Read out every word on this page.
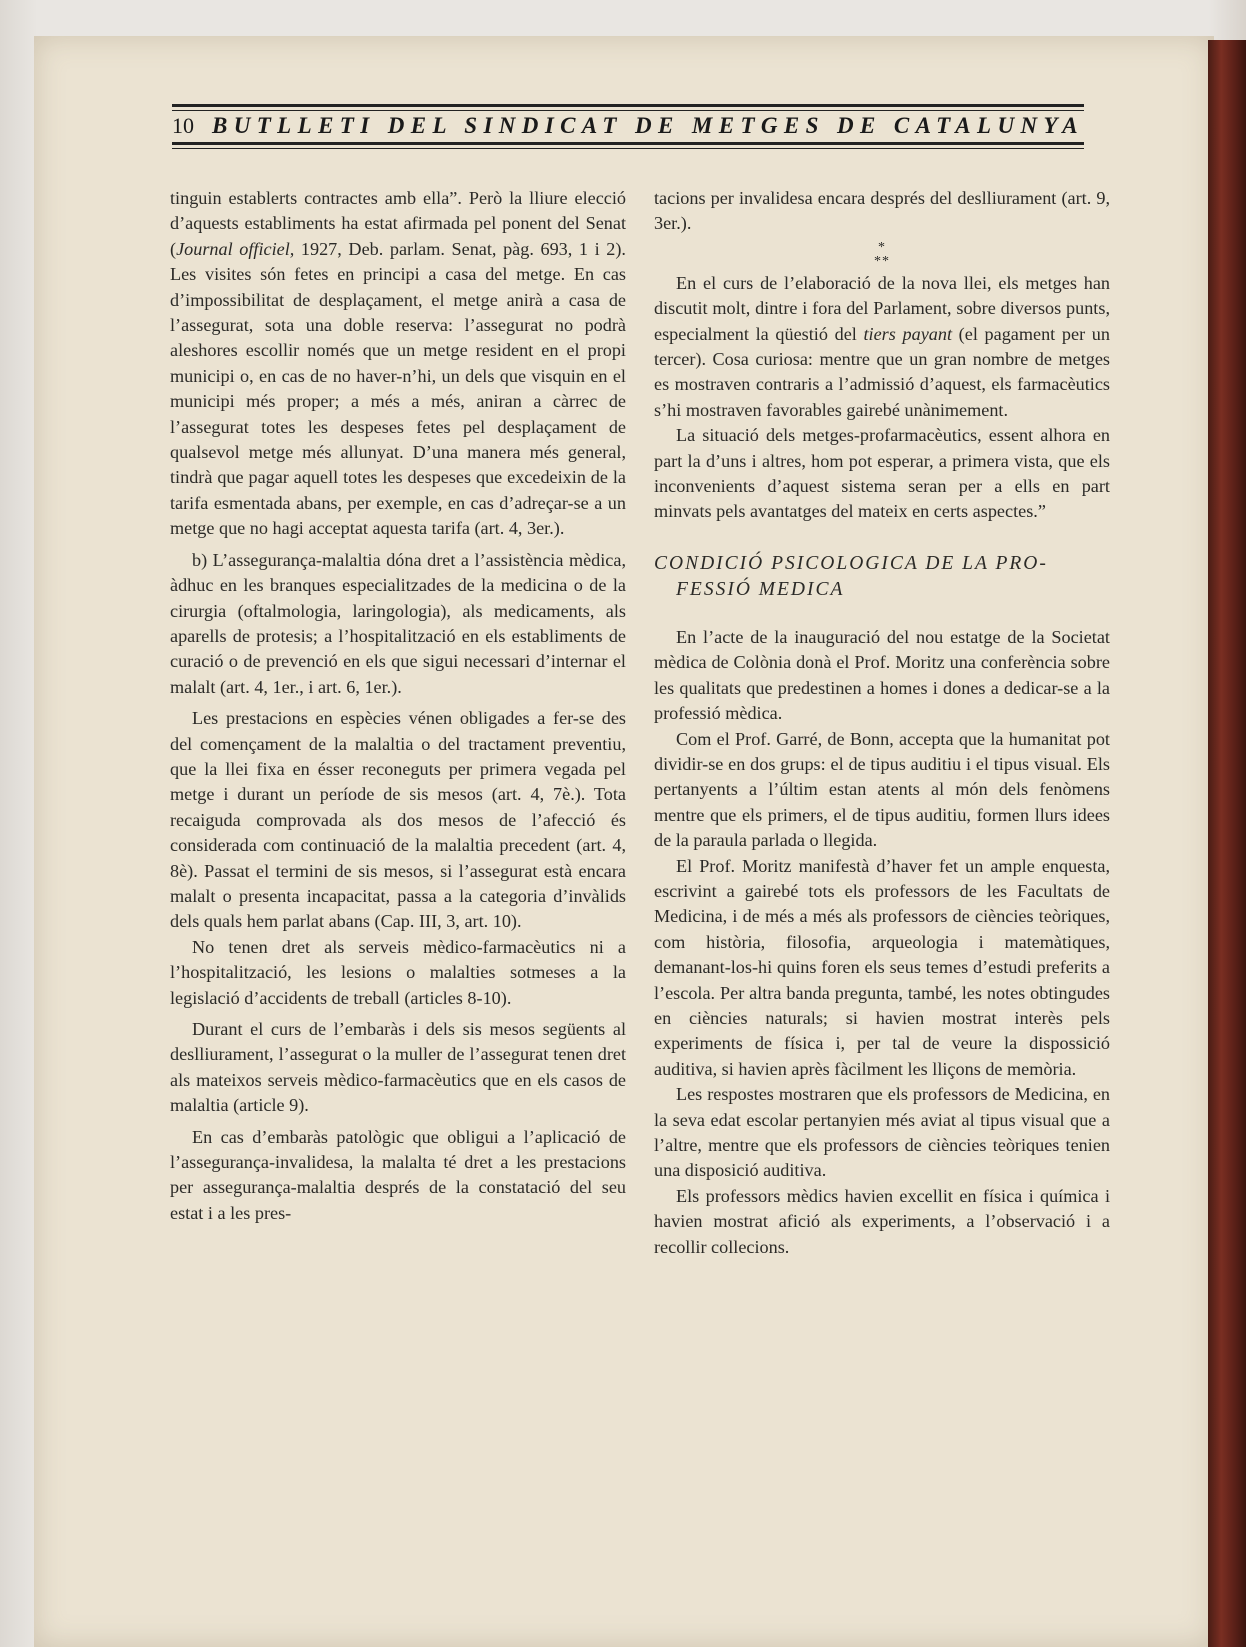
10 BUTLLETI DEL SINDICAT DE METGES DE CATALUNYA

tinguin establerts contractes amb ella”. Però la lliure elecció d’aquests establiments ha estat afirmada pel ponent del Senat (Journal officiel, 1927, Deb. parlam. Senat, pàg. 693, 1 i 2). Les visites són fetes en principi a casa del metge. En cas d’impossibilitat de desplaçament, el metge anirà a casa de l’assegurat, sota una doble reserva: l’assegurat no podrà aleshores escollir només que un metge resident en el propi municipi o, en cas de no haver-n’hi, un dels que visquin en el municipi més proper; a més a més, aniran a càrrec de l’assegurat totes les despeses fetes pel desplaçament de qualsevol metge més allunyat. D’una manera més general, tindrà que pagar aquell totes les despeses que excedeixin de la tarifa esmentada abans, per exemple, en cas d’adreçar-se a un metge que no hagi acceptat aquesta tarifa (art. 4, 3er.).

b) L’assegurança-malaltia dóna dret a l’assistència mèdica, àdhuc en les branques especialitzades de la medicina o de la cirurgia (oftalmologia, laringologia), als medicaments, als aparells de protesis; a l’hospitalització en els establiments de curació o de prevenció en els que sigui necessari d’internar el malalt (art. 4, 1er., i art. 6, 1er.).

Les prestacions en espècies vénen obligades a fer-se des del començament de la malaltia o del tractament preventiu, que la llei fixa en ésser reconeguts per primera vegada pel metge i durant un període de sis mesos (art. 4, 7è.). Tota recaiguda comprovada als dos mesos de l’afecció és considerada com continuació de la malaltia precedent (art. 4, 8è). Passat el termini de sis mesos, si l’assegurat està encara malalt o presenta incapacitat, passa a la categoria d’invàlids dels quals hem parlat abans (Cap. III, 3, art. 10).

No tenen dret als serveis mèdico-farmacèutics ni a l’hospitalització, les lesions o malalties sotmeses a la legislació d’accidents de treball (articles 8-10).

Durant el curs de l’embaràs i dels sis mesos següents al deslliurament, l’assegurat o la muller de l’assegurat tenen dret als mateixos serveis mèdico-farmacèutics que en els casos de malaltia (article 9).

En cas d’embaràs patològic que obligui a l’aplicació de l’assegurança-invalidesa, la malalta té dret a les prestacions per assegurança-malaltia després de la constatació del seu estat i a les pres-

tacions per invalidesa encara després del deslliurament (art. 9, 3er.).

*
**

En el curs de l’elaboració de la nova llei, els metges han discutit molt, dintre i fora del Parlament, sobre diversos punts, especialment la qüestió del tiers payant (el pagament per un tercer). Cosa curiosa: mentre que un gran nombre de metges es mostraven contraris a l’admissió d’aquest, els farmacèutics s’hi mostraven favorables gairebé unànimement.

La situació dels metges-profarmacèutics, essent alhora en part la d’uns i altres, hom pot esperar, a primera vista, que els inconvenients d’aquest sistema seran per a ells en part minvats pels avantatges del mateix en certs aspectes.”

CONDICIÓ PSICOLOGICA DE LA PRO-
FESSIÓ MEDICA

En l’acte de la inauguració del nou estatge de la Societat mèdica de Colònia donà el Prof. Moritz una conferència sobre les qualitats que predestinen a homes i dones a dedicar-se a la professió mèdica.

Com el Prof. Garré, de Bonn, accepta que la humanitat pot dividir-se en dos grups: el de tipus auditiu i el tipus visual. Els pertanyents a l’últim estan atents al món dels fenòmens mentre que els primers, el de tipus auditiu, formen llurs idees de la paraula parlada o llegida.

El Prof. Moritz manifestà d’haver fet un ample enquesta, escrivint a gairebé tots els professors de les Facultats de Medicina, i de més a més als professors de ciències teòriques, com història, filosofia, arqueologia i matemàtiques, demanant-los-hi quins foren els seus temes d’estudi preferits a l’escola. Per altra banda pregunta, també, les notes obtingudes en ciències naturals; si havien mostrat interès pels experiments de física i, per tal de veure la dispossició auditiva, si havien après fàcilment les lliçons de memòria.

Les respostes mostraren que els professors de Medicina, en la seva edat escolar pertanyien més aviat al tipus visual que a l’altre, mentre que els professors de ciències teòriques tenien una disposició auditiva.

Els professors mèdics havien excellit en física i química i havien mostrat afició als experiments, a l’observació i a recollir collecions.
